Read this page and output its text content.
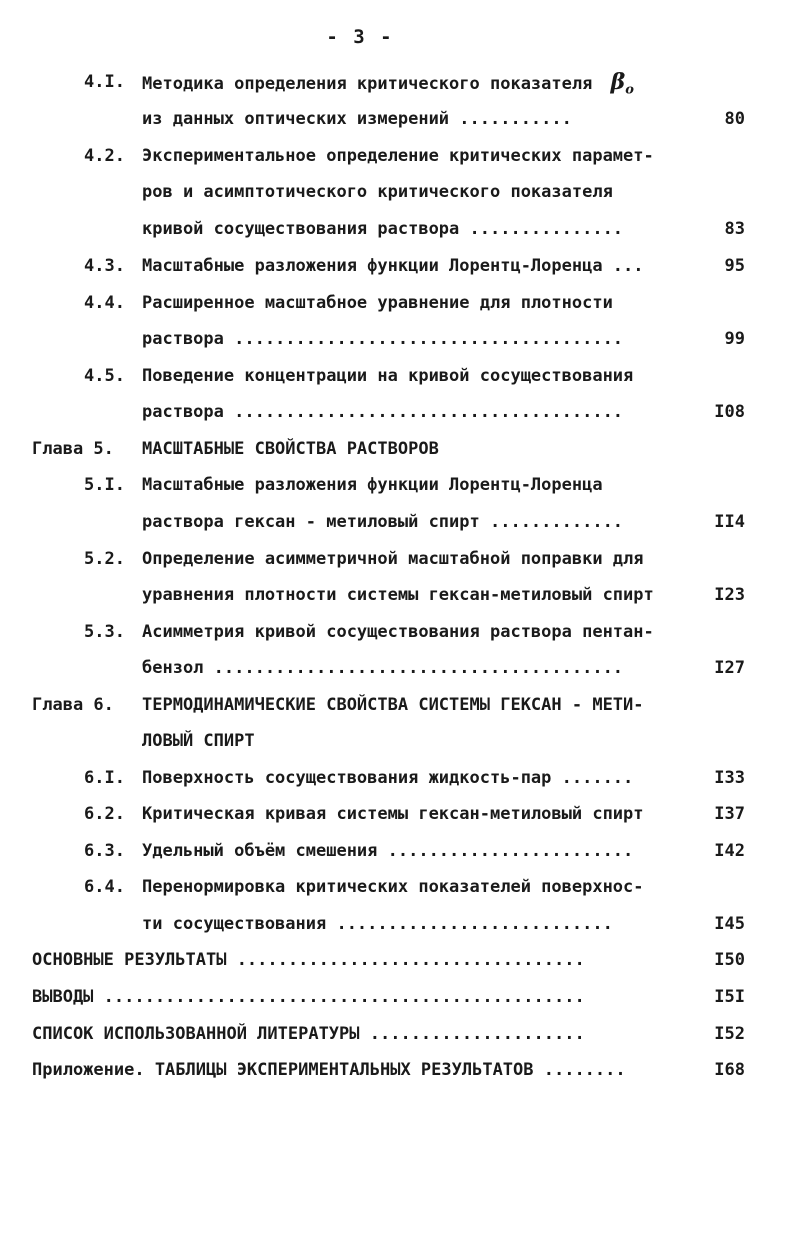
- 3 -
4.I. Методика определения критического показателя $\beta_o$
из данных оптических измерений ...........	80
4.2. Экспериментальное определение критических парамет-
ров и асимптотического критического показателя
кривой сосуществования раствора ...............	83
4.3. Масштабные разложения функции Лорентц-Лоренца ...	95
4.4. Расширенное масштабное уравнение для плотности
раствора ......................................	99
4.5. Поведение концентрации на кривой сосуществования
раствора ......................................	I08
Глава 5.	МАСШТАБНЫЕ СВОЙСТВА РАСТВОРОВ
5.I. Масштабные разложения функции Лорентц-Лоренца
раствора гексан - метиловый спирт .............	II4
5.2. Определение асимметричной масштабной поправки для
уравнения плотности системы гексан-метиловый спирт	I23
5.3. Асимметрия кривой сосуществования раствора пентан-
бензол ........................................	I27
Глава 6.	ТЕРМОДИНАМИЧЕСКИЕ СВОЙСТВА СИСТЕМЫ ГЕКСАН - МЕТИ-
ЛОВЫЙ СПИРТ
6.I. Поверхность сосуществования жидкость-пар .......	I33
6.2. Критическая кривая системы гексан-метиловый спирт	I37
6.3. Удельный объём смешения ........................	I42
6.4. Перенормировка критических показателей поверхнос-
ти сосуществования ...........................	I45
ОСНОВНЫЕ РЕЗУЛЬТАТЫ ..................................	I50
ВЫВОДЫ ...............................................	I5I
СПИСОК ИСПОЛЬЗОВАННОЙ ЛИТЕРАТУРЫ .....................	I52
Приложение. ТАБЛИЦЫ ЭКСПЕРИМЕНТАЛЬНЫХ РЕЗУЛЬТАТОВ ........	I68
